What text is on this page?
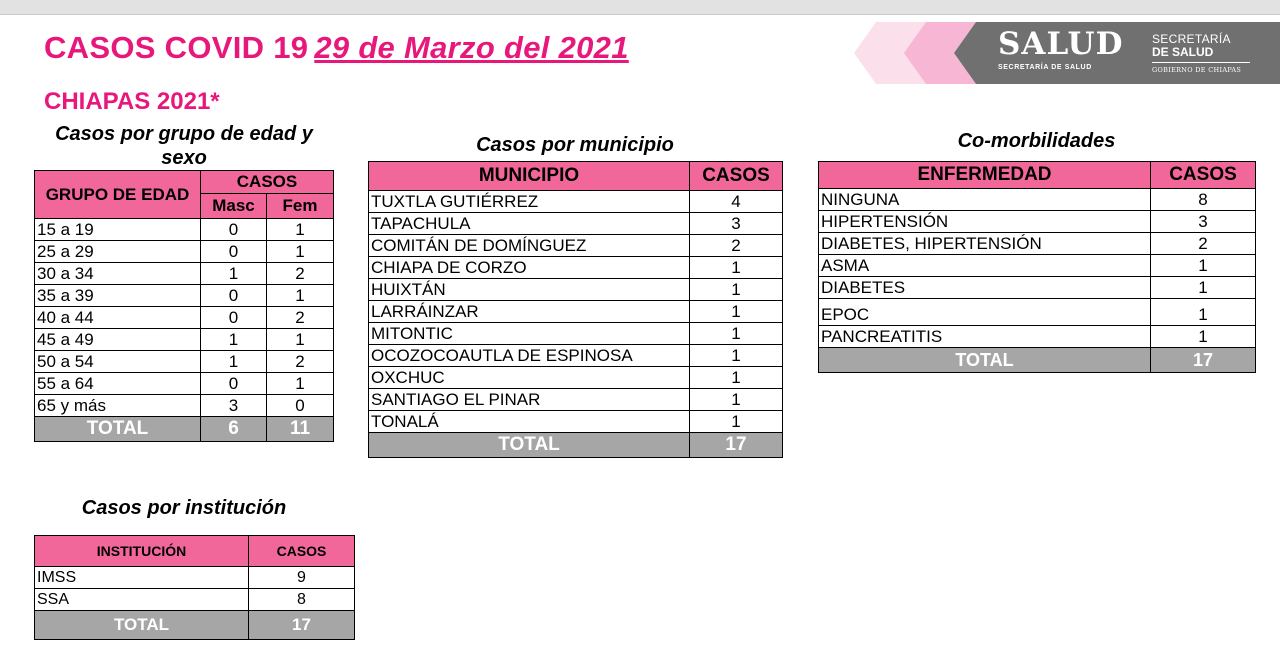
CASOS COVID 19 29 de Marzo del 2021
CHIAPAS 2021*
SALUD
SECRETARÍA DE SALUD
SECRETARÍA
DE SALUD
GOBIERNO DE CHIAPAS
Casos por grupo de edad y sexo
GRUPO DE EDAD	CASOS	
	Masc	Fem
15 a 19	0	1
25 a 29	0	1
30 a 34	1	2
35 a 39	0	1
40 a 44	0	2
45 a 49	1	1
50 a 54	1	2
55 a 64	0	1
65 y más	3	0
TOTAL	6	11
Casos por municipio
MUNICIPIO	CASOS
TUXTLA GUTIÉRREZ	4
TAPACHULA	3
COMITÁN DE DOMÍNGUEZ	2
CHIAPA DE CORZO	1
HUIXTÁN	1
LARRÁINZAR	1
MITONTIC	1
OCOZOCOAUTLA DE ESPINOSA	1
OXCHUC	1
SANTIAGO EL PINAR	1
TONALÁ	1
TOTAL	17
Co-morbilidades
ENFERMEDAD	CASOS
NINGUNA	8
HIPERTENSIÓN	3
DIABETES, HIPERTENSIÓN	2
ASMA	1
DIABETES	1
EPOC	1
PANCREATITIS	1
TOTAL	17
Casos por institución
INSTITUCIÓN	CASOS
IMSS	9
SSA	8
TOTAL	17
